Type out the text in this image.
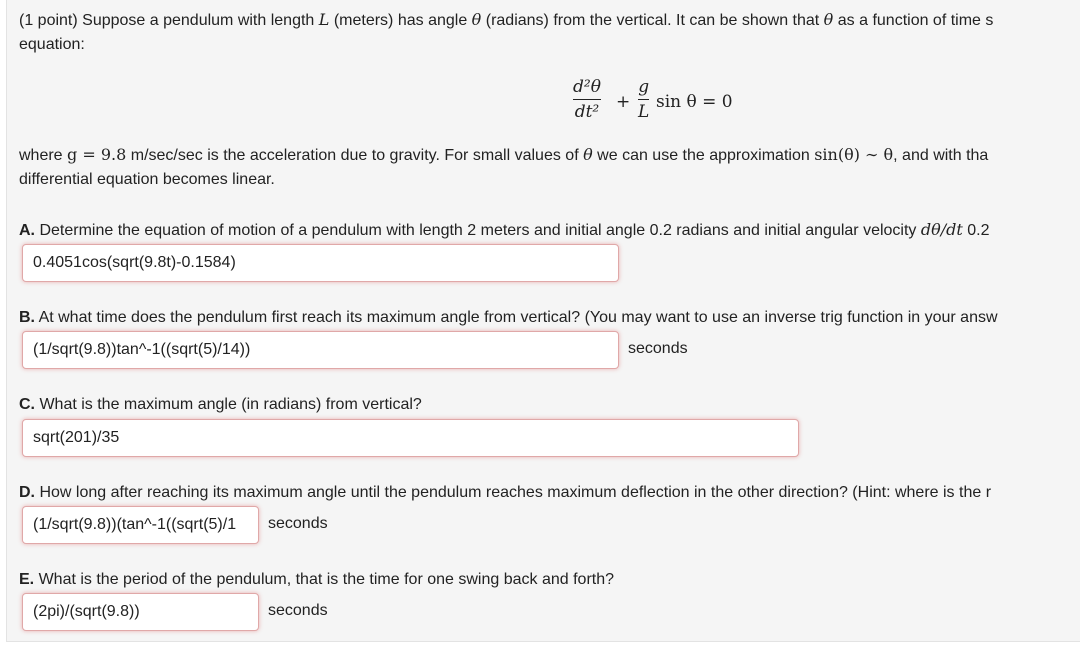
(1 point) Suppose a pendulum with length L (meters) has angle θ (radians) from the vertical. It can be shown that θ as a function of time s
equation:
d²θ
dt² +
g
L sin θ = 0
where g = 9.8 m/sec/sec is the acceleration due to gravity. For small values of θ we can use the approximation sin(θ) ∼ θ, and with tha
differential equation becomes linear.
A. Determine the equation of motion of a pendulum with length 2 meters and initial angle 0.2 radians and initial angular velocity dθ/dt 0.2
0.4051cos(sqrt(9.8t)-0.1584)
B. At what time does the pendulum first reach its maximum angle from vertical? (You may want to use an inverse trig function in your answ
(1/sqrt(9.8))tan^-1((sqrt(5)/14))
seconds
C. What is the maximum angle (in radians) from vertical?
sqrt(201)/35
D. How long after reaching its maximum angle until the pendulum reaches maximum deflection in the other direction? (Hint: where is the r
(1/sqrt(9.8))(tan^-1((sqrt(5)/1
seconds
E. What is the period of the pendulum, that is the time for one swing back and forth?
(2pi)/(sqrt(9.8))
seconds
